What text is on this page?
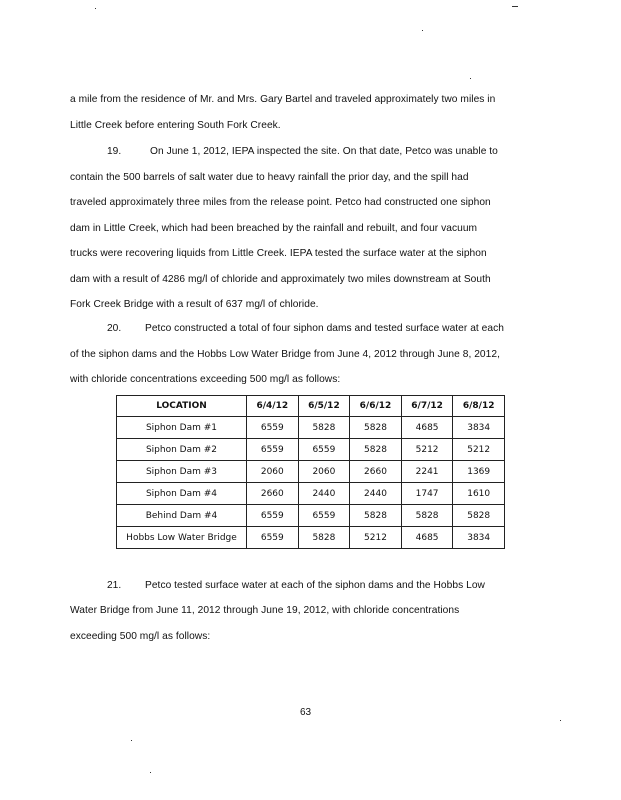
a mile from the residence of Mr. and Mrs. Gary Bartel and traveled approximately two miles in
Little Creek before entering South Fork Creek.
19.	On June 1, 2012, IEPA inspected the site. On that date, Petco was unable to
contain the 500 barrels of salt water due to heavy rainfall the prior day, and the spill had
traveled approximately three miles from the release point. Petco had constructed one siphon
dam in Little Creek, which had been breached by the rainfall and rebuilt, and four vacuum
trucks were recovering liquids from Little Creek. IEPA tested the surface water at the siphon
dam with a result of 4286 mg/l of chloride and approximately two miles downstream at South
Fork Creek Bridge with a result of 637 mg/l of chloride.
20. Petco constructed a total of four siphon dams and tested surface water at each
of the siphon dams and the Hobbs Low Water Bridge from June 4, 2012 through June 8, 2012,
with chloride concentrations exceeding 500 mg/l as follows:
LOCATION	6/4/12	6/5/12	6/6/12	6/7/12	6/8/12
Siphon Dam #1	6559	5828	5828	4685	3834
Siphon Dam #2	6559	6559	5828	5212	5212
Siphon Dam #3	2060	2060	2660	2241	1369
Siphon Dam #4	2660	2440	2440	1747	1610
Behind Dam #4	6559	6559	5828	5828	5828
Hobbs Low Water Bridge	6559	5828	5212	4685	3834
21. Petco tested surface water at each of the siphon dams and the Hobbs Low
Water Bridge from June 11, 2012 through June 19, 2012, with chloride concentrations
exceeding 500 mg/l as follows:
63
